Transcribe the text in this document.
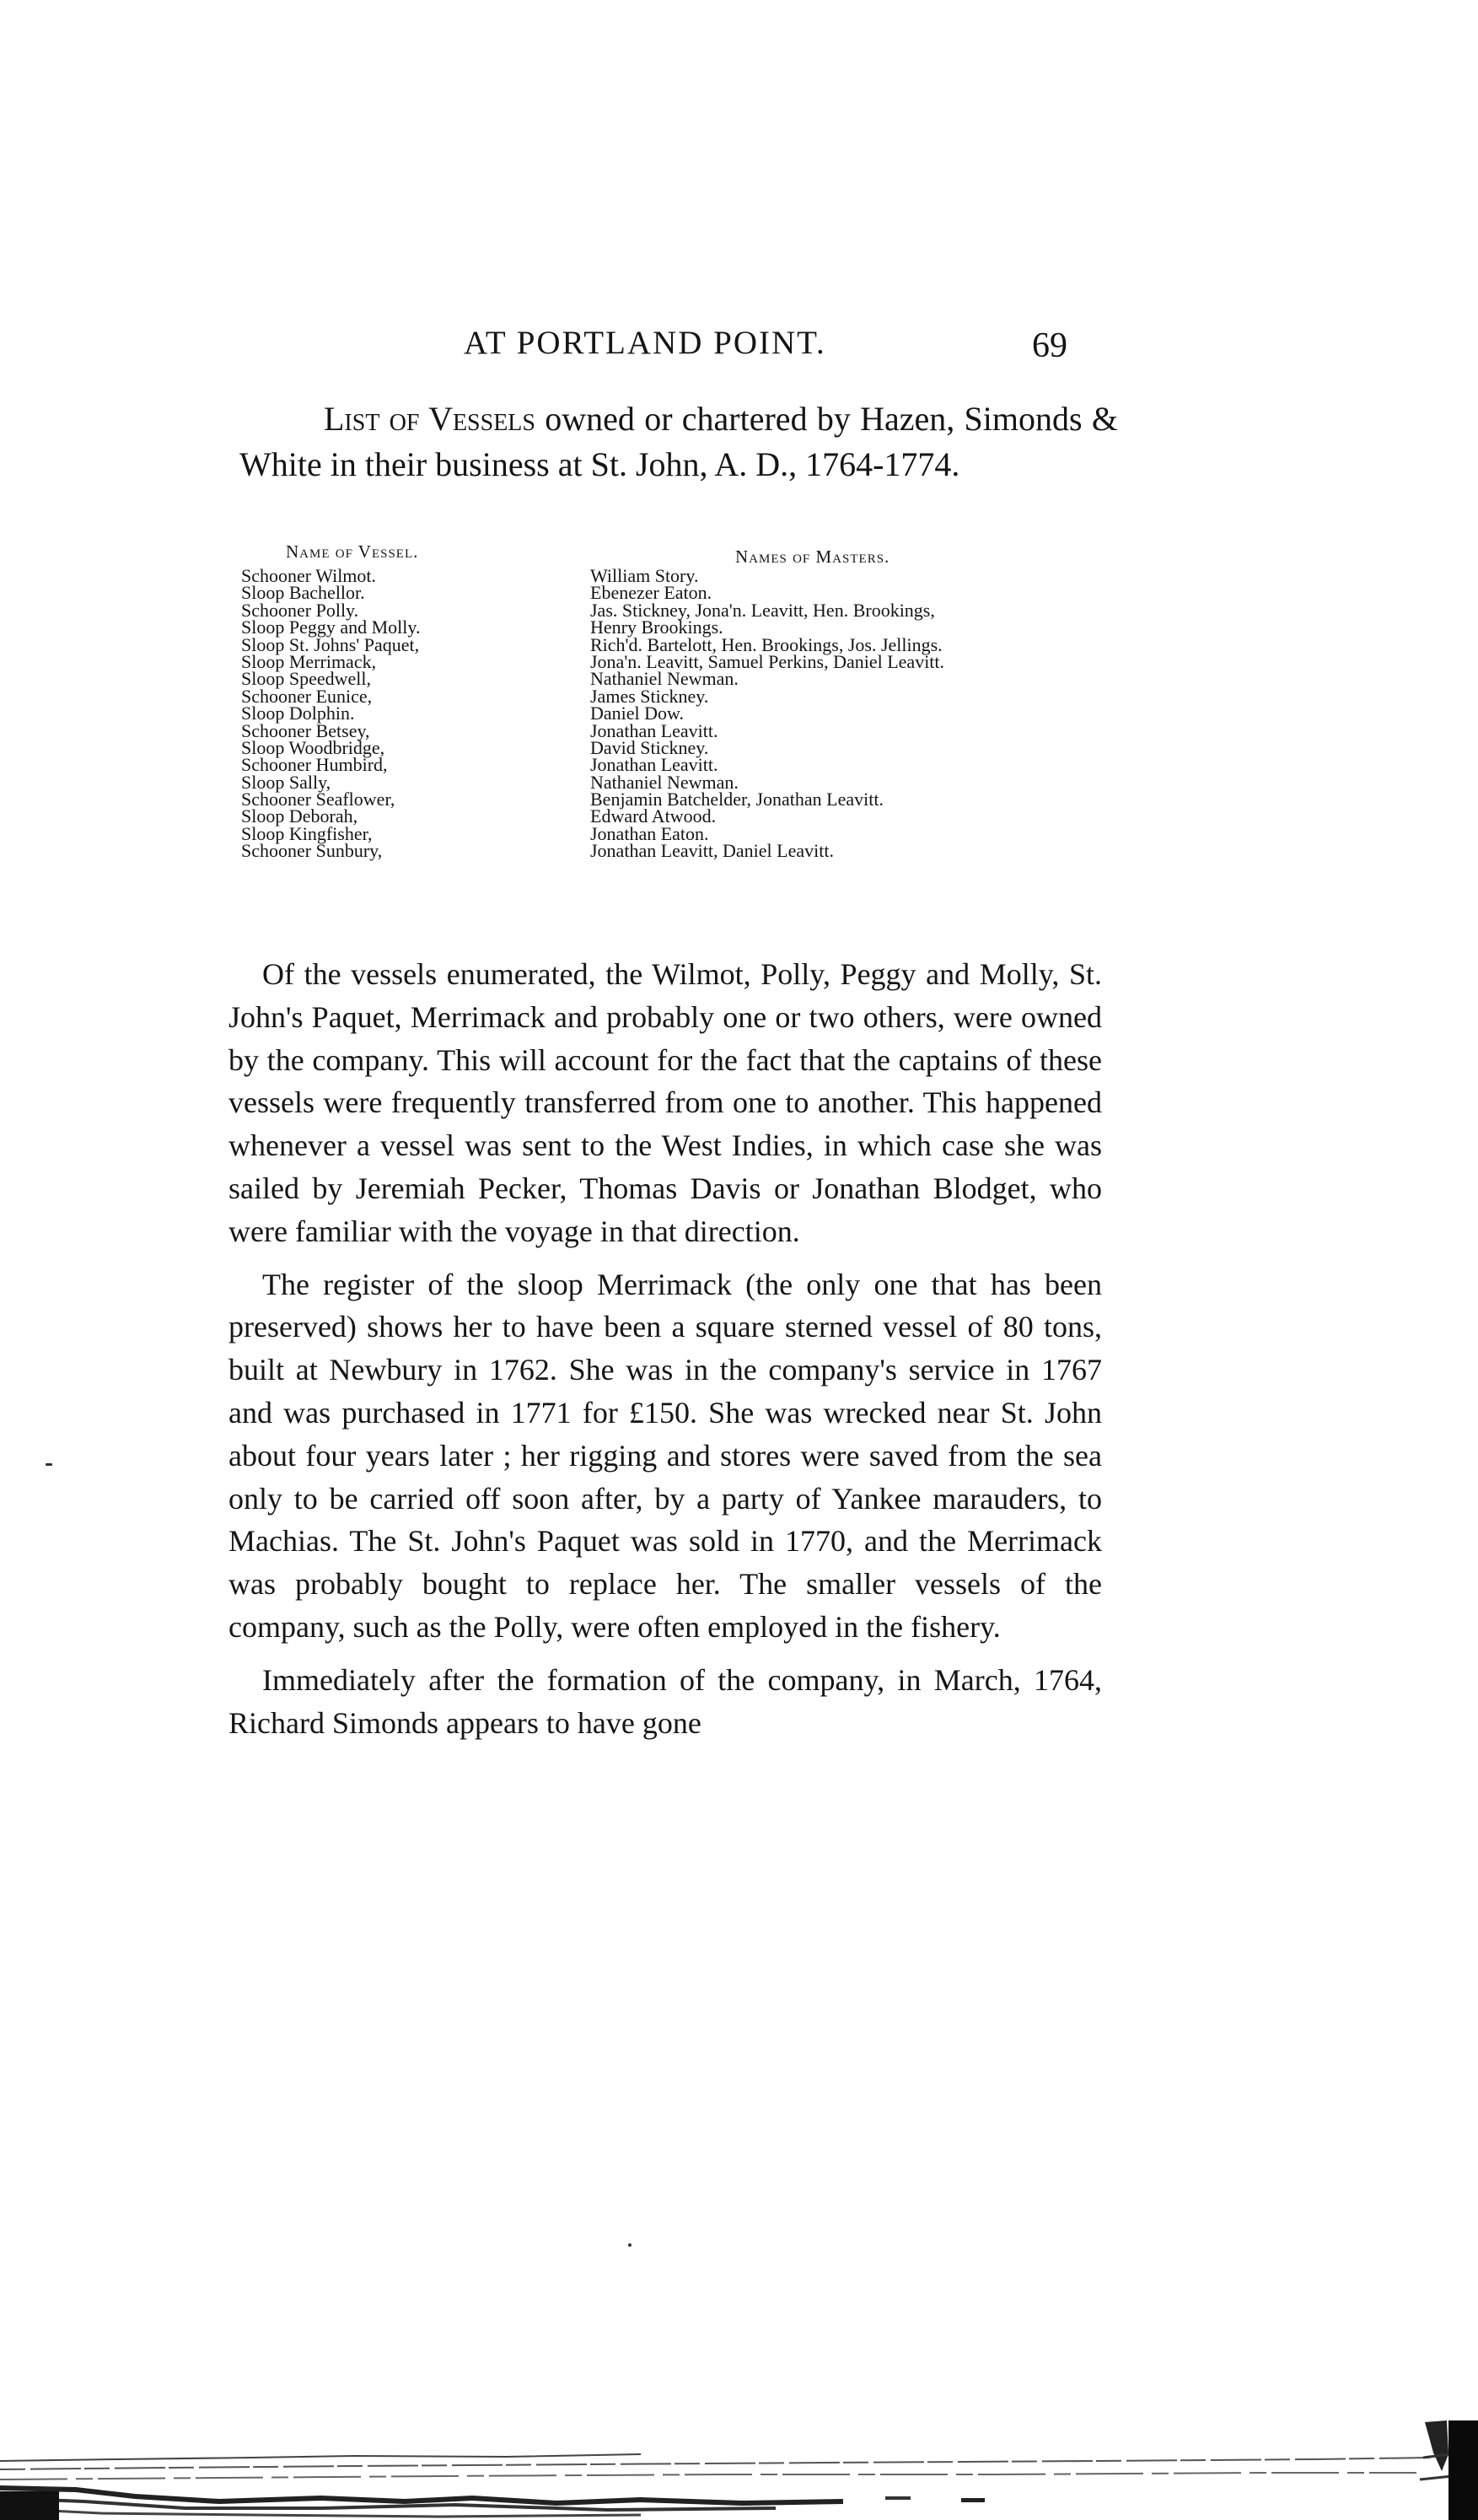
AT PORTLAND POINT.	69
List of Vessels owned or chartered by Hazen, Simonds & White in their business at St. John, A. D., 1764-1774.
Name of Vessel.	Names of Masters.
Schooner Wilmot.	William Story.
Sloop Bachellor.	Ebenezer Eaton.
Schooner Polly.	Jas. Stickney, Jona'n. Leavitt, Hen. Brookings,
Sloop Peggy and Molly.	Henry Brookings.
Sloop St. Johns' Paquet,	Rich'd. Bartelott, Hen. Brookings, Jos. Jellings.
Sloop Merrimack,	Jona'n. Leavitt, Samuel Perkins, Daniel Leavitt.
Sloop Speedwell,	Nathaniel Newman.
Schooner Eunice,	James Stickney.
Sloop Dolphin.	Daniel Dow.
Schooner Betsey,	Jonathan Leavitt.
Sloop Woodbridge,	David Stickney.
Schooner Humbird,	Jonathan Leavitt.
Sloop Sally,	Nathaniel Newman.
Schooner Seaflower,	Benjamin Batchelder, Jonathan Leavitt.
Sloop Deborah,	Edward Atwood.
Sloop Kingfisher,	Jonathan Eaton.
Schooner Sunbury,	Jonathan Leavitt, Daniel Leavitt.

Of the vessels enumerated, the Wilmot, Polly, Peggy and Molly, St. John's Paquet, Merrimack and probably one or two others, were owned by the company. This will account for the fact that the captains of these vessels were frequently transferred from one to another. This happened whenever a vessel was sent to the West Indies, in which case she was sailed by Jeremiah Pecker, Thomas Davis or Jonathan Blodget, who were familiar with the voyage in that direction.

The register of the sloop Merrimack (the only one that has been preserved) shows her to have been a square sterned vessel of 80 tons, built at Newbury in 1762. She was in the company's service in 1767 and was purchased in 1771 for £150. She was wrecked near St. John about four years later ; her rigging and stores were saved from the sea only to be carried off soon after, by a party of Yankee marauders, to Machias. The St. John's Paquet was sold in 1770, and the Merrimack was probably bought to replace her. The smaller vessels of the company, such as the Polly, were often employed in the fishery.

Immediately after the formation of the company, in March, 1764, Richard Simonds appears to have gone
